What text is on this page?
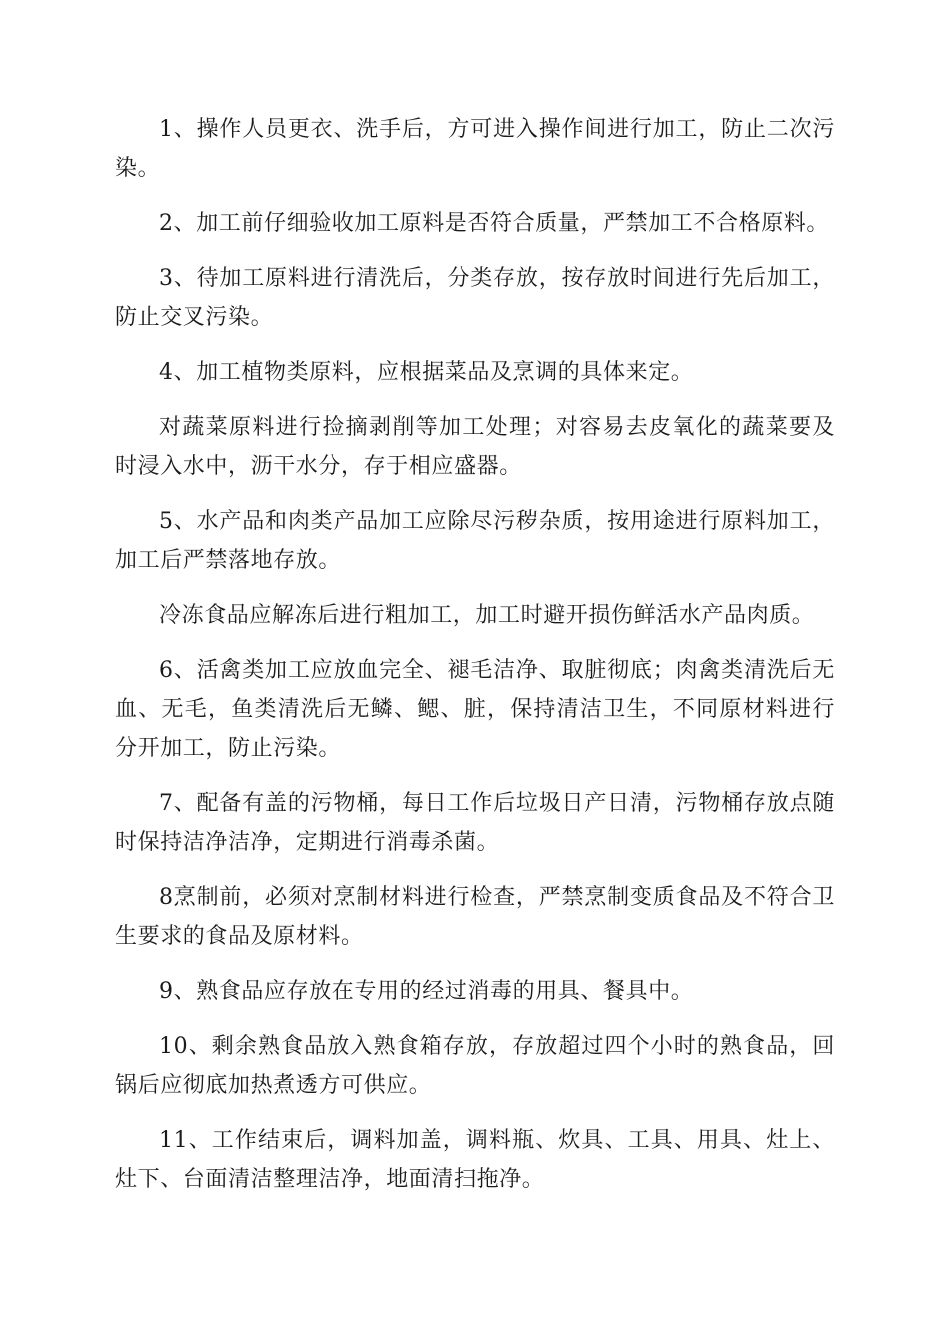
1、操作人员更衣、洗手后，方可进入操作间进行加工，防止二次污染。

2、加工前仔细验收加工原料是否符合质量，严禁加工不合格原料。

3、待加工原料进行清洗后，分类存放，按存放时间进行先后加工，防止交叉污染。

4、加工植物类原料，应根据菜品及烹调的具体来定。

对蔬菜原料进行捡摘剥削等加工处理；对容易去皮氧化的蔬菜要及时浸入水中，沥干水分，存于相应盛器。

5、水产品和肉类产品加工应除尽污秽杂质，按用途进行原料加工，加工后严禁落地存放。

冷冻食品应解冻后进行粗加工，加工时避开损伤鲜活水产品肉质。

6、活禽类加工应放血完全、褪毛洁净、取脏彻底；肉禽类清洗后无血、无毛，鱼类清洗后无鳞、鳃、脏，保持清洁卫生，不同原材料进行分开加工，防止污染。

7、配备有盖的污物桶，每日工作后垃圾日产日清，污物桶存放点随时保持洁净洁净，定期进行消毒杀菌。

8烹制前，必须对烹制材料进行检查，严禁烹制变质食品及不符合卫生要求的食品及原材料。

9、熟食品应存放在专用的经过消毒的用具、餐具中。

10、剩余熟食品放入熟食箱存放，存放超过四个小时的熟食品，回锅后应彻底加热煮透方可供应。

11、工作结束后，调料加盖，调料瓶、炊具、工具、用具、灶上、灶下、台面清洁整理洁净，地面清扫拖净。
